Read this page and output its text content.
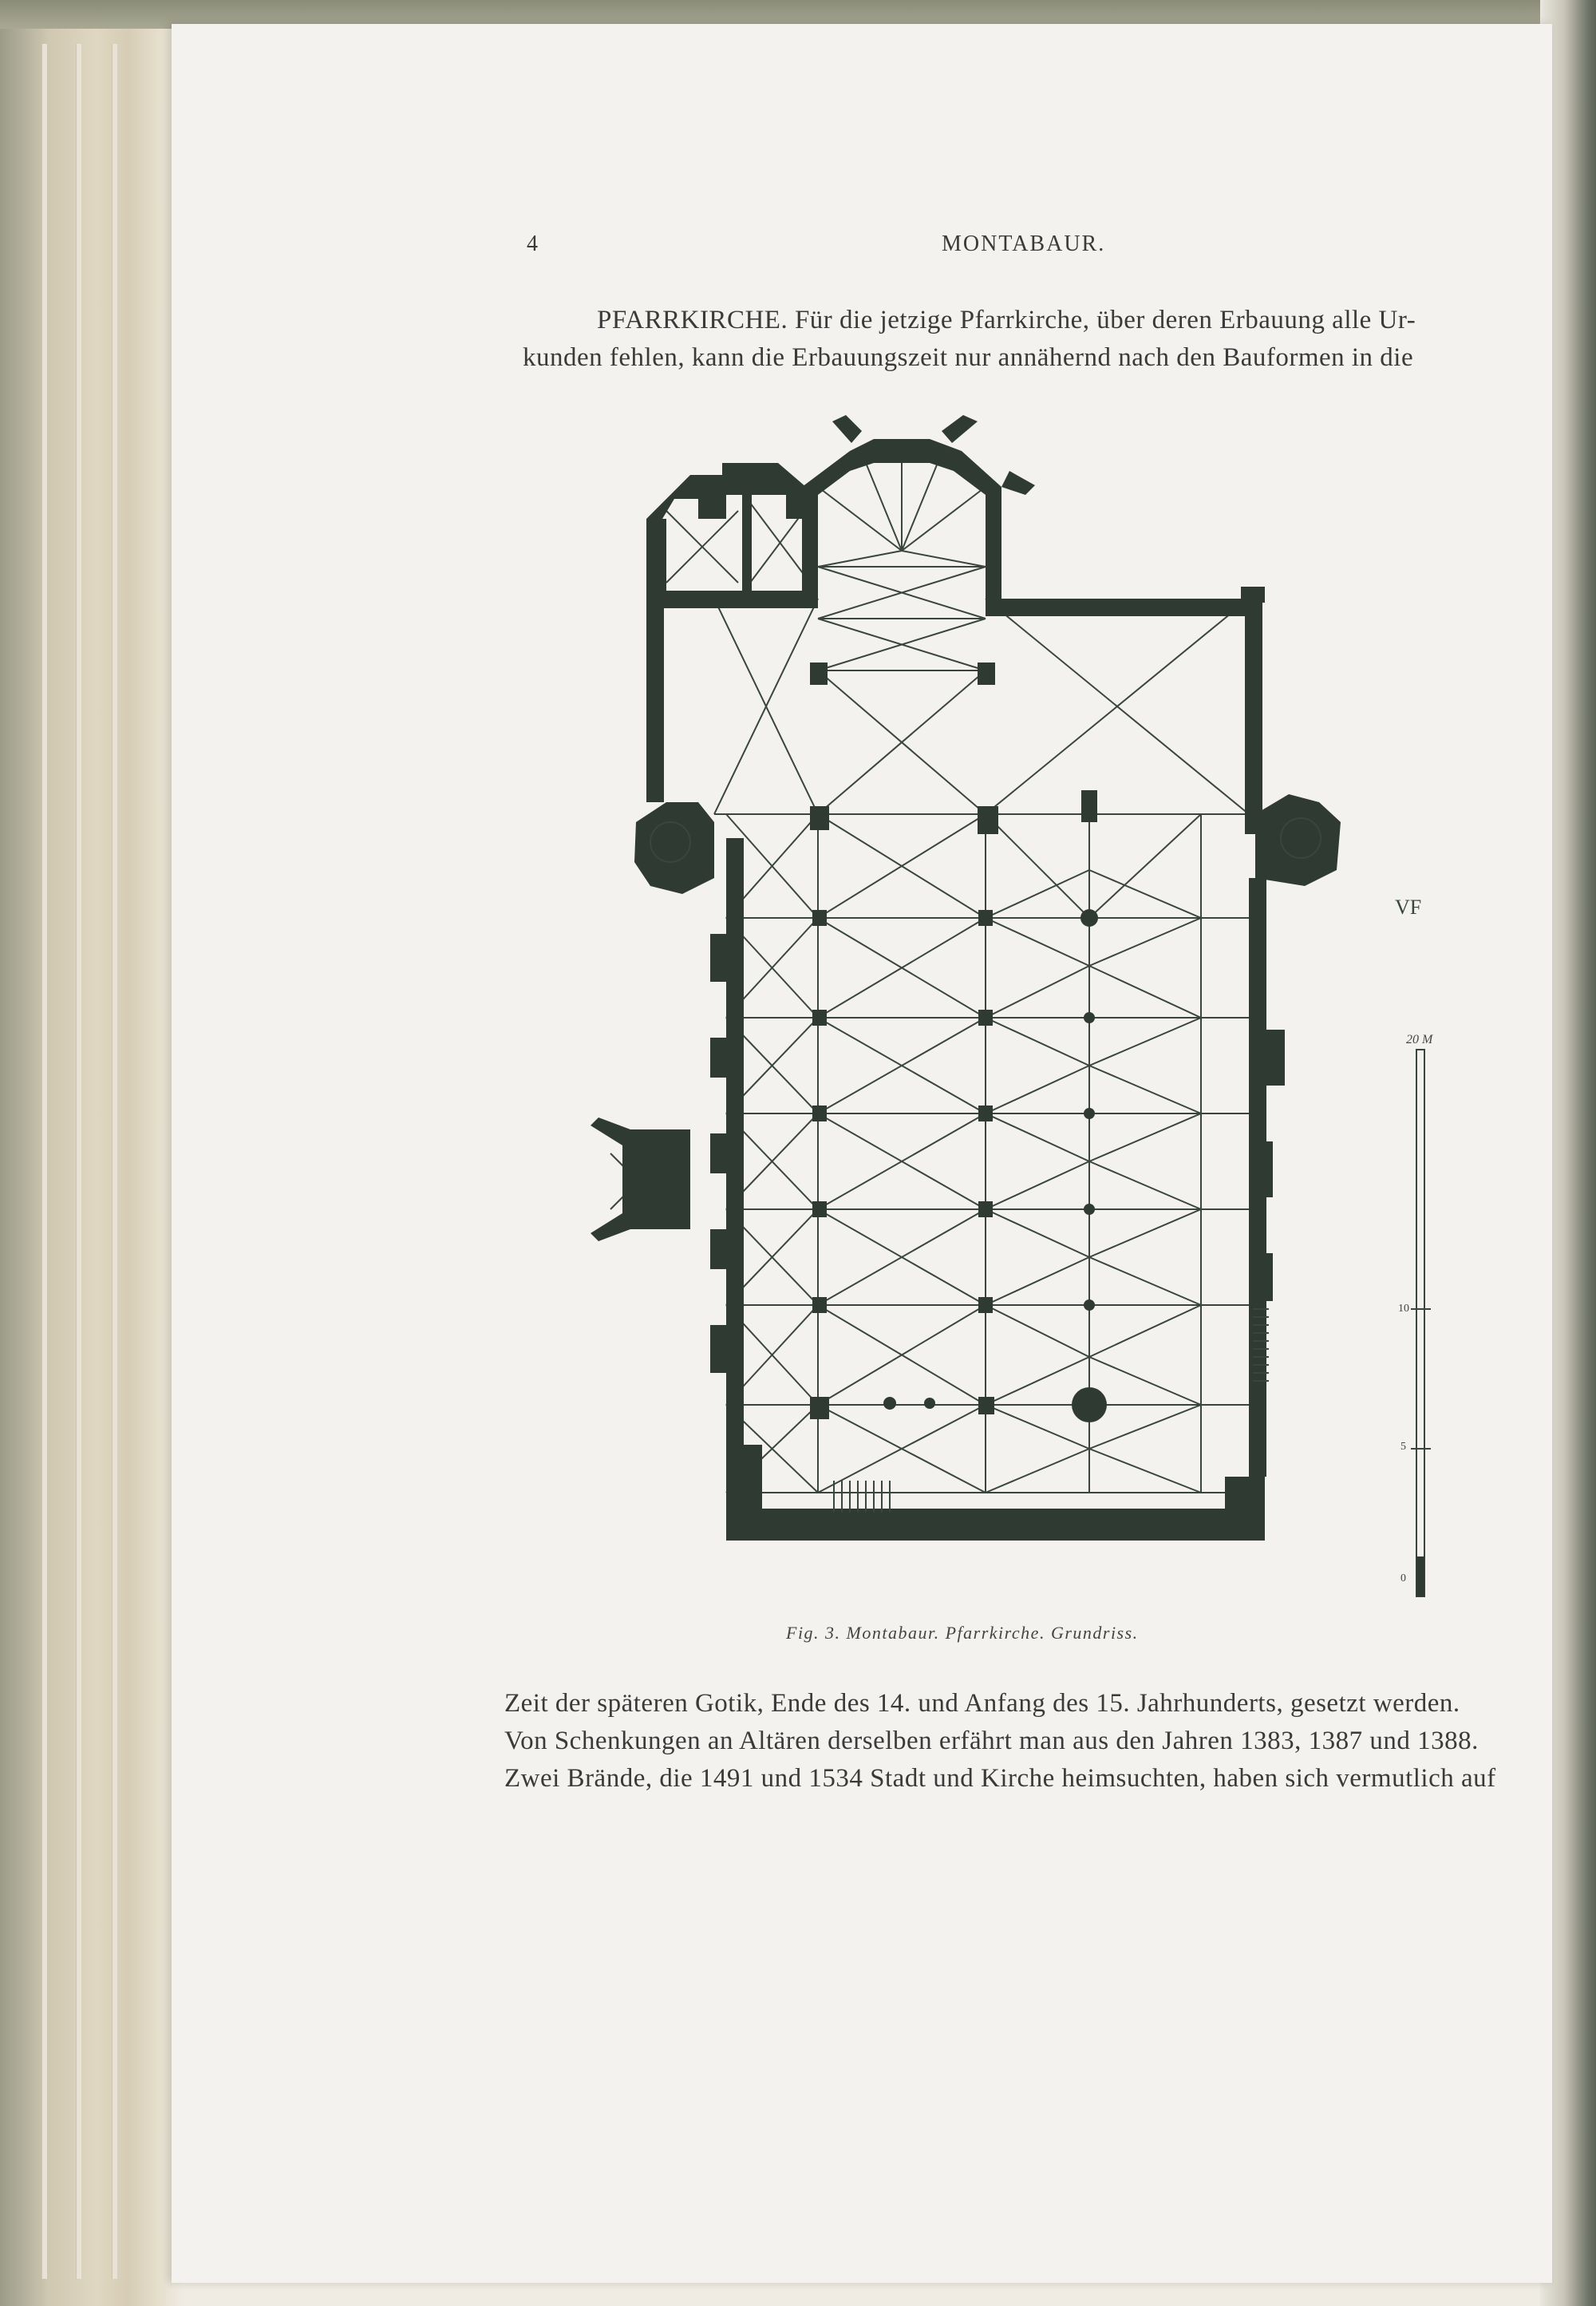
4	MONTABAUR.
PFARRKIRCHE. Für die jetzige Pfarrkirche, über deren Erbauung alle Ur-
kunden fehlen, kann die Erbauungszeit nur annähernd nach den Bauformen in die
20 M
10
5
0
VF
Fig. 3. Montabaur. Pfarrkirche. Grundriss.
Zeit der späteren Gotik, Ende des 14. und Anfang des 15. Jahrhunderts, gesetzt werden.
Von Schenkungen an Altären derselben erfährt man aus den Jahren 1383, 1387 und 1388.
Zwei Brände, die 1491 und 1534 Stadt und Kirche heimsuchten, haben sich vermutlich auf
